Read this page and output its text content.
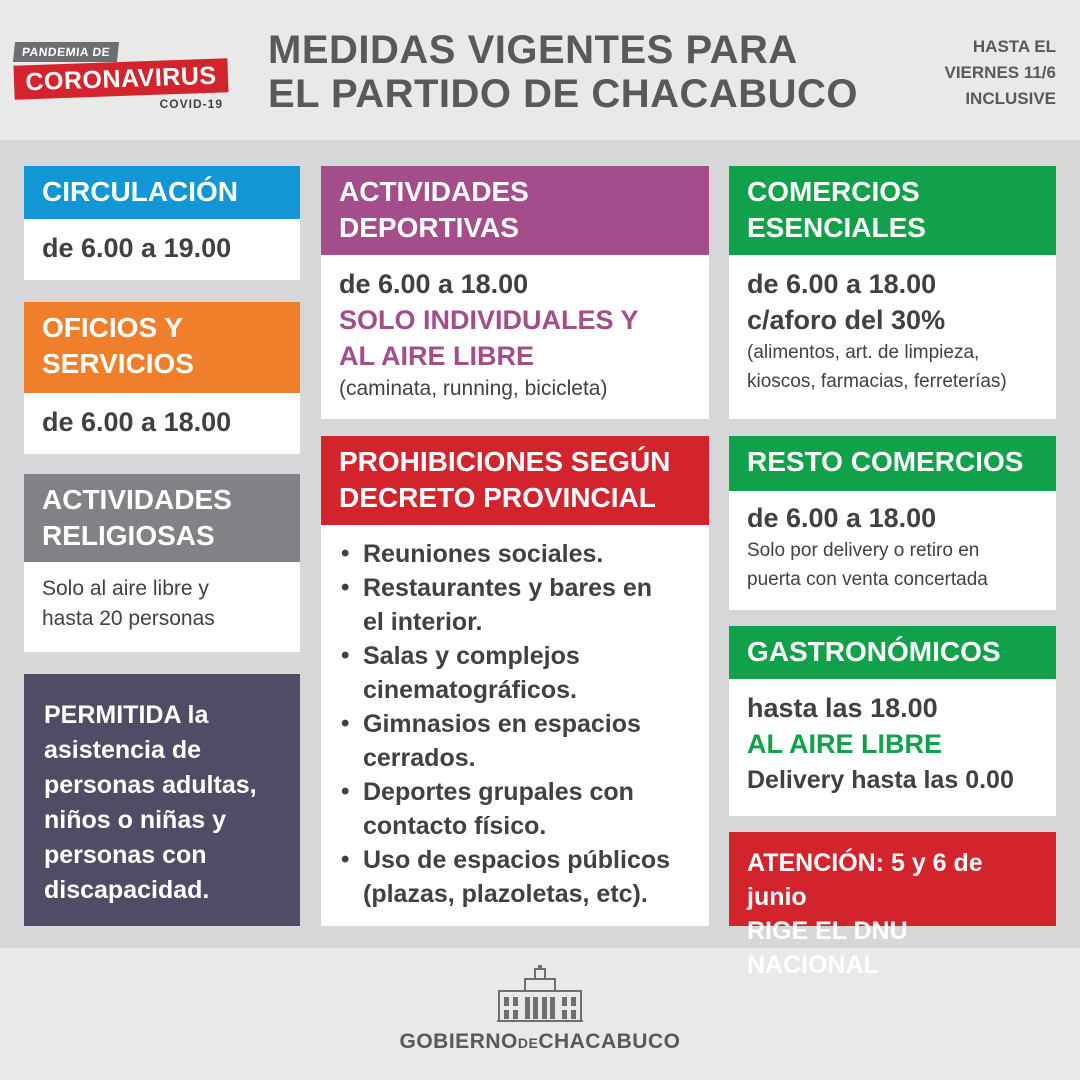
PANDEMIA DE
CORONAVIRUS
COVID-19
MEDIDAS VIGENTES PARA
EL PARTIDO DE CHACABUCO
HASTA EL
VIERNES 11/6
INCLUSIVE
CIRCULACIÓN
de 6.00 a 19.00
OFICIOS Y
SERVICIOS
de 6.00 a 18.00
ACTIVIDADES
RELIGIOSAS
Solo al aire libre y
hasta 20 personas
PERMITIDA la
asistencia de
personas adultas,
niños o niñas y
personas con
discapacidad.
ACTIVIDADES
DEPORTIVAS
de 6.00 a 18.00
SOLO INDIVIDUALES Y
AL AIRE LIBRE
(caminata, running, bicicleta)
PROHIBICIONES SEGÚN
DECRETO PROVINCIAL
• Reuniones sociales.
• Restaurantes y bares en
el interior.
• Salas y complejos
cinematográficos.
• Gimnasios en espacios
cerrados.
• Deportes grupales con
contacto físico.
• Uso de espacios públicos
(plazas, plazoletas, etc).
COMERCIOS
ESENCIALES
de 6.00 a 18.00
c/aforo del 30%
(alimentos, art. de limpieza,
kioscos, farmacias, ferreterías)
RESTO COMERCIOS
de 6.00 a 18.00
Solo por delivery o retiro en
puerta con venta concertada
GASTRONÓMICOS
hasta las 18.00
AL AIRE LIBRE
Delivery hasta las 0.00
ATENCIÓN: 5 y 6 de junio
RIGE EL DNU NACIONAL
GOBIERNODECHACABUCO
